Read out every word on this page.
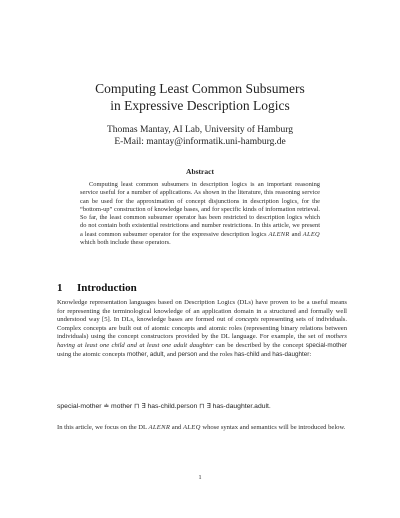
Computing Least Common Subsumers
in Expressive Description Logics
Thomas Mantay, AI Lab, University of Hamburg
E-Mail: mantay@informatik.uni-hamburg.de
Abstract
Computing least common subsumers in description logics is an important reasoning service useful for a number of applications. As shown in the literature, this reasoning service can be used for the approximation of concept disjunctions in description logics, for the “bottom-up” construction of knowledge bases, and for specific kinds of information retrieval. So far, the least common subsumer operator has been restricted to description logics which do not contain both existential restrictions and number restrictions. In this article, we present a least common subsumer operator for the expressive description logics ALENR and ALEQ which both include these operators.
1 Introduction
Knowledge representation languages based on Description Logics (DLs) have proven to be a useful means for representing the terminological knowledge of an application domain in a structured and formally well understood way [5]. In DLs, knowledge bases are formed out of concepts representing sets of individuals. Complex concepts are built out of atomic concepts and atomic roles (representing binary relations between individuals) using the concept constructors provided by the DL language. For example, the set of mothers having at least one child and at least one adult daughter can be described by the concept special-mother using the atomic concepts mother, adult, and person and the roles has-child and has-daughter:
special-mother ≐ mother ⊓ ∃ has-child.person ⊓ ∃ has-daughter.adult.
In this article, we focus on the DL ALENR and ALEQ whose syntax and semantics will be introduced below.
1
